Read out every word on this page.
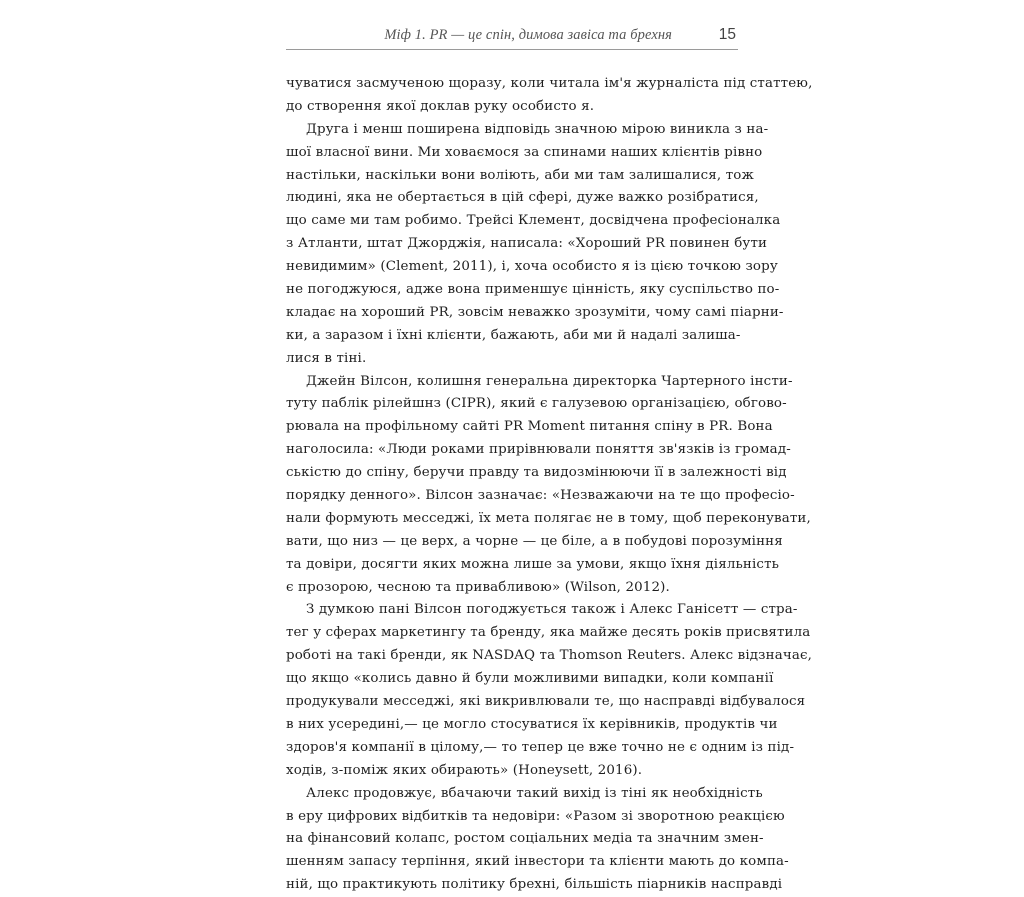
Міф 1. PR — це спін, димова завіса та брехня	15
чуватися засмученою щоразу, коли читала ім'я журналіста під статтею,
до створення якої доклав руку особисто я.
Друга і менш поширена відповідь значною мірою виникла з на-
шої власної вини. Ми ховаємося за спинами наших клієнтів рівно
настільки, наскільки вони воліють, аби ми там залишалися, тож
людині, яка не обертається в цій сфері, дуже важко розібратися,
що саме ми там робимо. Трейсі Клемент, досвідчена професіоналка
з Атланти, штат Джорджія, написала: «Хороший PR повинен бути
невидимим» (Clement, 2011), і, хоча особисто я із цією точкою зору
не погоджуюся, адже вона применшує цінність, яку суспільство по-
кладає на хороший PR, зовсім неважко зрозуміти, чому самі піарни-
ки, а заразом і їхні клієнти, бажають, аби ми й надалі залиша-
лися в тіні.
Джейн Вілсон, колишня генеральна директорка Чартерного інсти-
туту паблік рілейшнз (CIPR), який є галузевою організацією, обгово-
рювала на профільному сайті PR Moment питання спіну в PR. Вона
наголосила: «Люди роками прирівнювали поняття зв'язків із громад-
ськістю до спіну, беручи правду та видозмінюючи її в залежності від
порядку денного». Вілсон зазначає: «Незважаючи на те що професіо-
нали формують месседжі, їх мета полягає не в тому, щоб переконувати,
вати, що низ — це верх, а чорне — це біле, а в побудові порозуміння
та довіри, досягти яких можна лише за умови, якщо їхня діяльність
є прозорою, чесною та привабливою» (Wilson, 2012).
З думкою пані Вілсон погоджується також і Алекс Ганісетт — стра-
тег у сферах маркетингу та бренду, яка майже десять років присвятила
роботі на такі бренди, як NASDAQ та Thomson Reuters. Алекс відзначає,
що якщо «колись давно й були можливими випадки, коли компанії
продукували месседжі, які викривлювали те, що насправді відбувалося
в них усередині,— це могло стосуватися їх керівників, продуктів чи
здоров'я компанії в цілому,— то тепер це вже точно не є одним із під-
ходів, з-поміж яких обирають» (Honeysett, 2016).
Алекс продовжує, вбачаючи такий вихід із тіні як необхідність
в еру цифрових відбитків та недовіри: «Разом зі зворотною реакцією
на фінансовий колапс, ростом соціальних медіа та значним змен-
шенням запасу терпіння, який інвестори та клієнти мають до компа-
ній, що практикують політику брехні, більшість піарників насправді
